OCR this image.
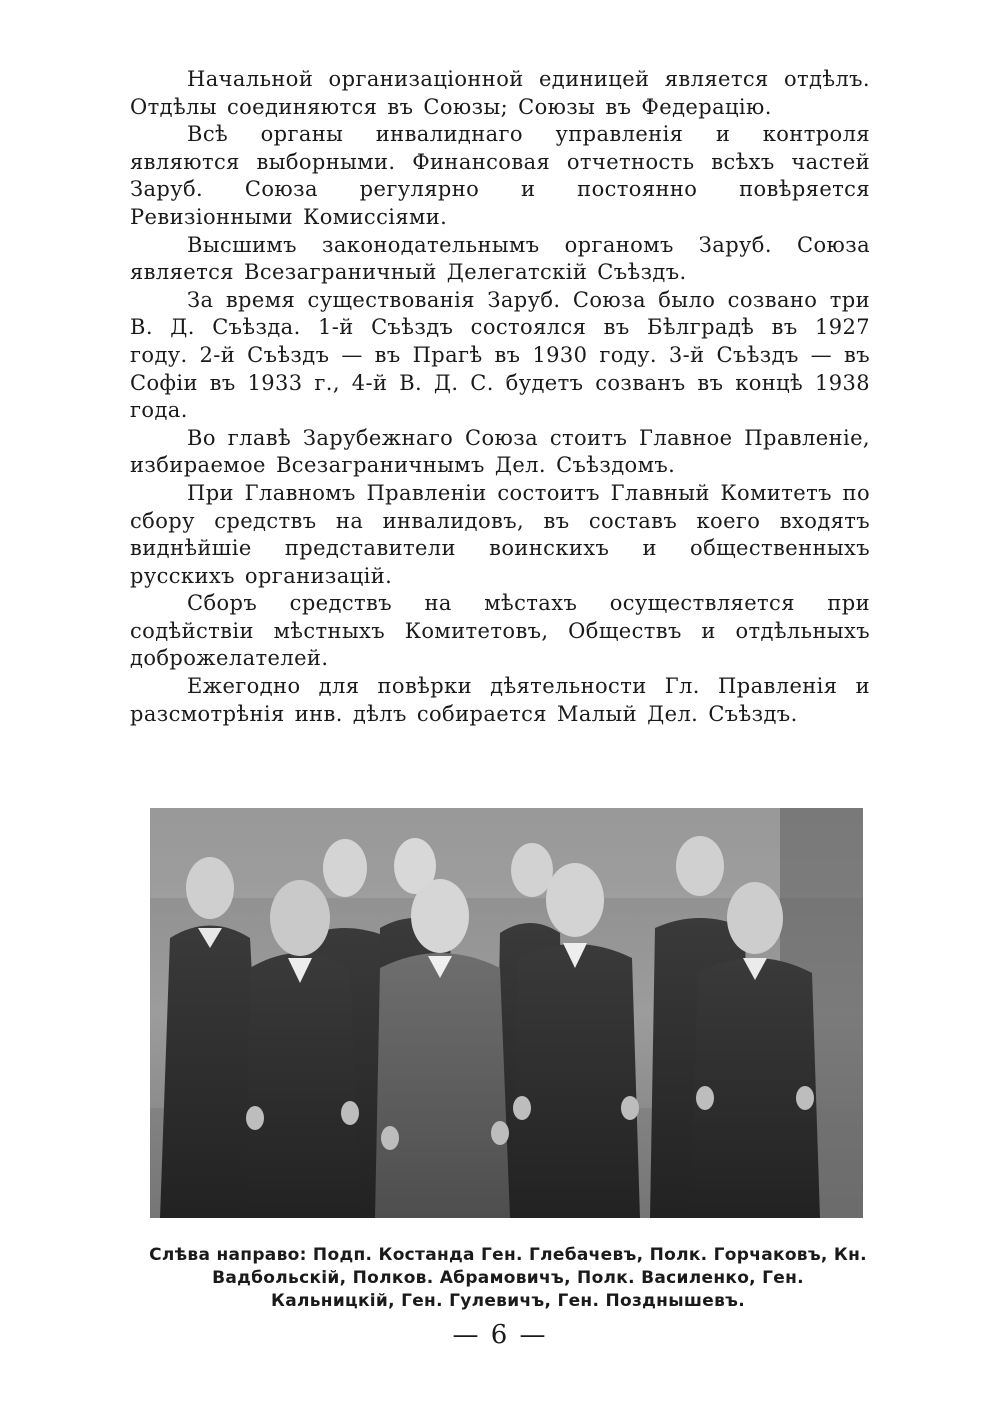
Начальной организаціонной единицей является отдѣлъ. Отдѣлы соединяются въ Союзы; Союзы въ Федерацію.

Всѣ органы инвалиднаго управленія и контроля являются выборными. Финансовая отчетность всѣхъ частей Заруб. Союза регулярно и постоянно повѣряется Ревизіонными Комиссіями.

Высшимъ законодательнымъ органомъ Заруб. Союза является Всезаграничный Делегатскій Съѣздъ.

За время существованія Заруб. Союза было созвано три В. Д. Съѣзда. 1-й Съѣздъ состоялся въ Бѣлградѣ въ 1927 году. 2-й Съѣздъ — въ Прагѣ въ 1930 году. 3-й Съѣздъ — въ Софіи въ 1933 г., 4-й В. Д. С. будетъ созванъ въ концѣ 1938 года.

Во главѣ Зарубежнаго Союза стоитъ Главное Правленіе, избираемое Всезаграничнымъ Дел. Съѣздомъ.

При Главномъ Правленіи состоитъ Главный Комитетъ по сбору средствъ на инвалидовъ, въ составъ коего входятъ виднѣйшіе представители воинскихъ и общественныхъ русскихъ организацій.

Сборъ средствъ на мѣстахъ осуществляется при содѣйствіи мѣстныхъ Комитетовъ, Обществъ и отдѣльныхъ доброжелателей.

Ежегодно для повѣрки дѣятельности Гл. Правленія и разсмотрѣнія инв. дѣлъ собирается Малый Дел. Съѣздъ.

Слѣва направо: Подп. Костанда Ген. Глебачевъ, Полк. Горчаковъ, Кн. Вадбольскій, Полков. Абрамовичъ, Полк. Василенко, Ген. Кальницкій, Ген. Гулевичъ, Ген. Позднышевъ.
— 6 —
